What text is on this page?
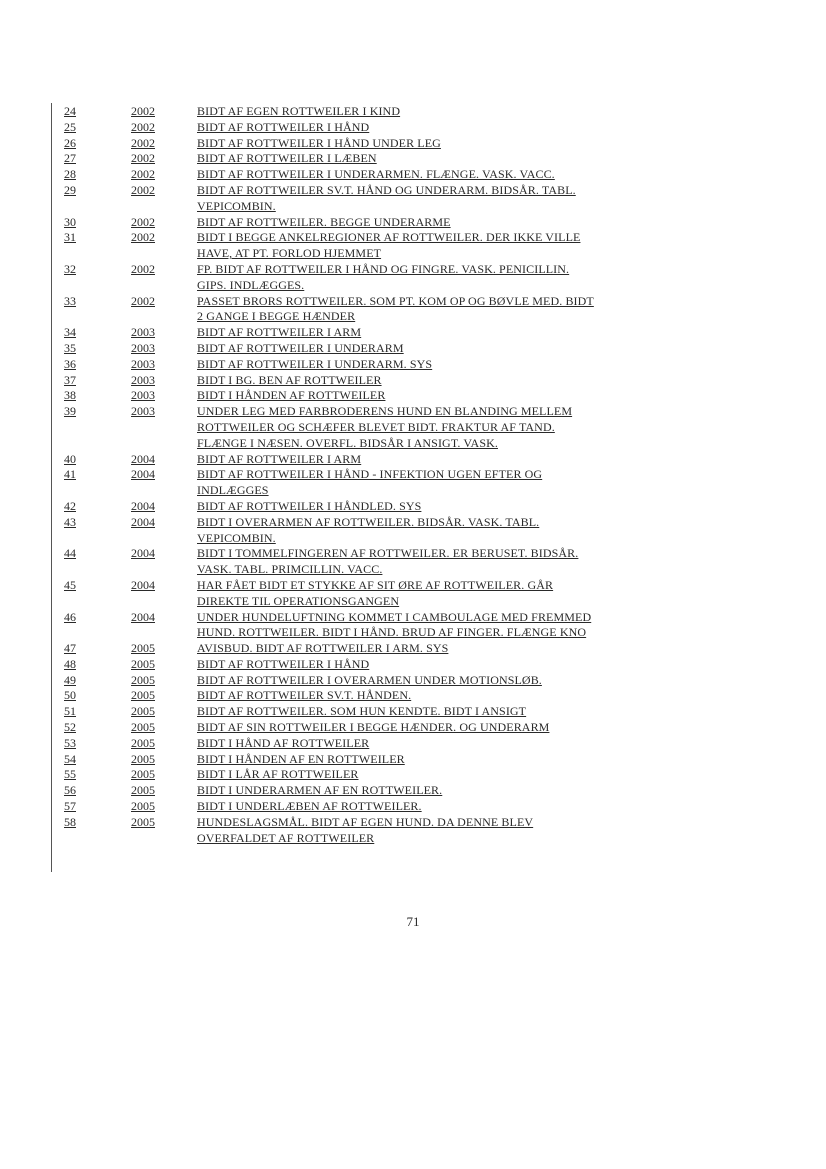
24	2002	BIDT AF EGEN ROTTWEILER I KIND
25	2002	BIDT AF ROTTWEILER I HÅND
26	2002	BIDT AF ROTTWEILER I HÅND UNDER LEG
27	2002	BIDT AF ROTTWEILER I LÆBEN
28	2002	BIDT AF ROTTWEILER I UNDERARMEN. FLÆNGE. VASK. VACC.
29	2002	BIDT AF ROTTWEILER SV.T. HÅND OG UNDERARM. BIDSÅR. TABL. VEPICOMBIN.
30	2002	BIDT AF ROTTWEILER. BEGGE UNDERARME
31	2002	BIDT I BEGGE ANKELREGIONER AF ROTTWEILER. DER IKKE VILLE HAVE, AT PT. FORLOD HJEMMET
32	2002	FP. BIDT AF ROTTWEILER I HÅND OG FINGRE. VASK. PENICILLIN. GIPS. INDLÆGGES.
33	2002	PASSET BRORS ROTTWEILER. SOM PT. KOM OP OG BØVLE MED. BIDT 2 GANGE I BEGGE HÆNDER
34	2003	BIDT AF ROTTWEILER I ARM
35	2003	BIDT AF ROTTWEILER I UNDERARM
36	2003	BIDT AF ROTTWEILER I UNDERARM. SYS
37	2003	BIDT I BG. BEN AF ROTTWEILER
38	2003	BIDT I HÅNDEN AF ROTTWEILER
39	2003	UNDER LEG MED FARBRODERENS HUND EN BLANDING MELLEM ROTTWEILER OG SCHÆFER BLEVET BIDT. FRAKTUR AF TAND. FLÆNGE I NÆSEN. OVERFL. BIDSÅR I ANSIGT. VASK.
40	2004	BIDT AF ROTTWEILER I ARM
41	2004	BIDT AF ROTTWEILER I HÅND - INFEKTION UGEN EFTER OG INDLÆGGES
42	2004	BIDT AF ROTTWEILER I HÅNDLED. SYS
43	2004	BIDT I OVERARMEN AF ROTTWEILER. BIDSÅR. VASK. TABL. VEPICOMBIN.
44	2004	BIDT I TOMMELFINGEREN AF ROTTWEILER. ER BERUSET. BIDSÅR. VASK. TABL. PRIMCILLIN. VACC.
45	2004	HAR FÅET BIDT ET STYKKE AF SIT ØRE AF ROTTWEILER. GÅR DIREKTE TIL OPERATIONSGANGEN
46	2004	UNDER HUNDELUFTNING KOMMET I CAMBOULAGE MED FREMMED HUND. ROTTWEILER. BIDT I HÅND. BRUD AF FINGER. FLÆNGE KNO
47	2005	AVISBUD. BIDT AF ROTTWEILER I ARM. SYS
48	2005	BIDT AF ROTTWEILER I HÅND
49	2005	BIDT AF ROTTWEILER I OVERARMEN UNDER MOTIONSLØB.
50	2005	BIDT AF ROTTWEILER SV.T. HÅNDEN.
51	2005	BIDT AF ROTTWEILER. SOM HUN KENDTE. BIDT I ANSIGT
52	2005	BIDT AF SIN ROTTWEILER I BEGGE HÆNDER. OG UNDERARM
53	2005	BIDT I HÅND AF ROTTWEILER
54	2005	BIDT I HÅNDEN AF EN ROTTWEILER
55	2005	BIDT I LÅR AF ROTTWEILER
56	2005	BIDT I UNDERARMEN AF EN ROTTWEILER.
57	2005	BIDT I UNDERLÆBEN AF ROTTWEILER.
58	2005	HUNDESLAGSMÅL. BIDT AF EGEN HUND. DA DENNE BLEV OVERFALDET AF ROTTWEILER
71
